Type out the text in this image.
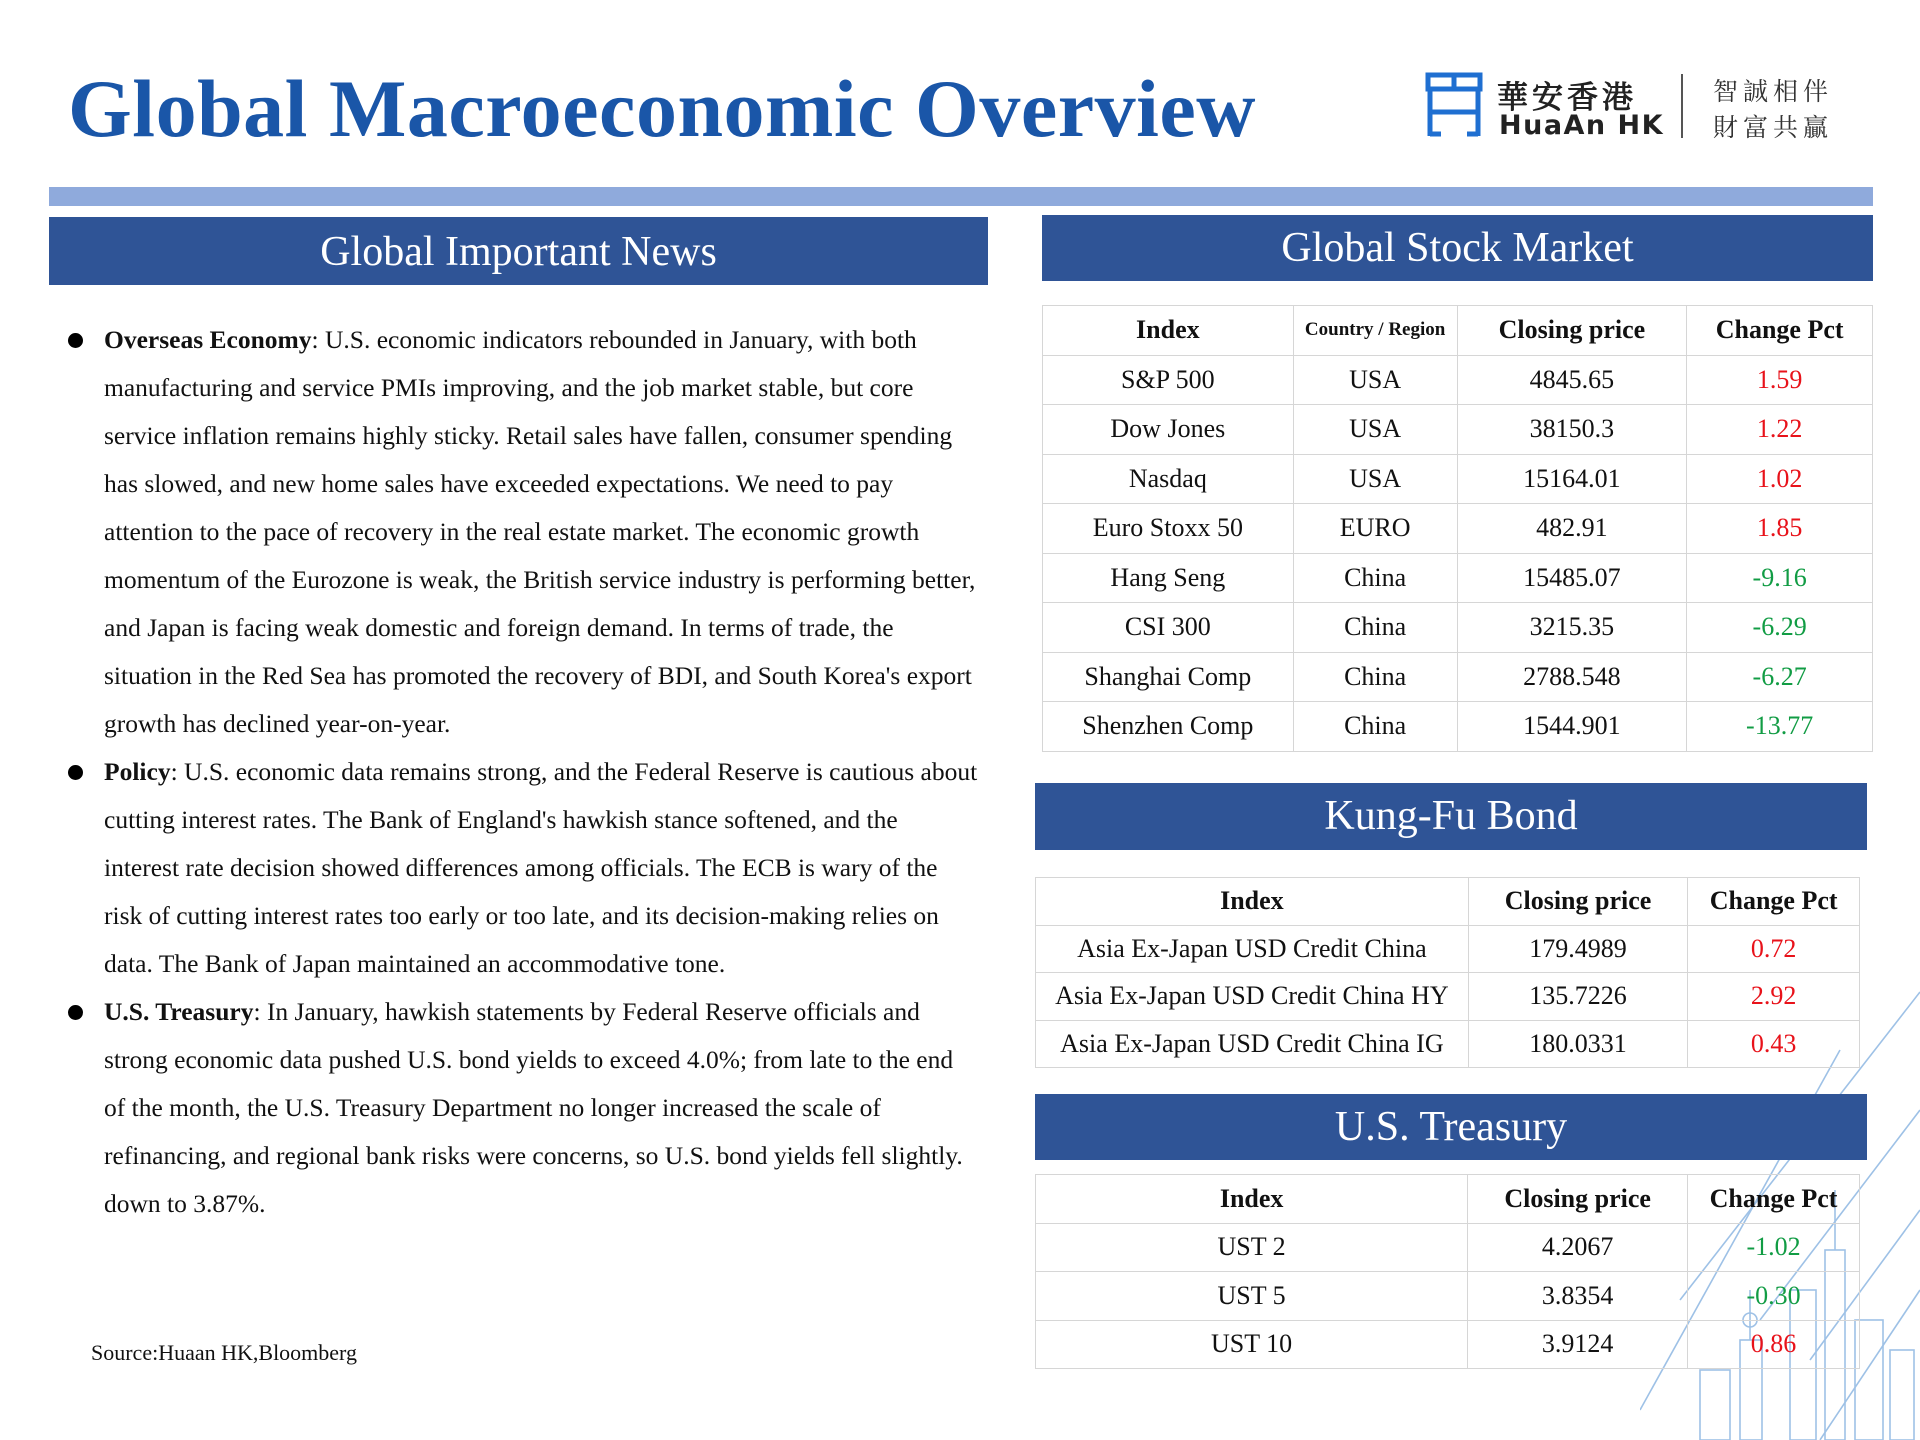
Global Macroeconomic Overview	華安香港
HuaAn HK
智誠相伴
財富共贏
Global Important News
Overseas Economy: U.S. economic indicators rebounded in January, with both manufacturing and service PMIs improving, and the job market stable, but core service inflation remains highly sticky. Retail sales have fallen, consumer spending has slowed, and new home sales have exceeded expectations. We need to pay attention to the pace of recovery in the real estate market. The economic growth momentum of the Eurozone is weak, the British service industry is performing better, and Japan is facing weak domestic and foreign demand. In terms of trade, the situation in the Red Sea has promoted the recovery of BDI, and South Korea's export growth has declined year-on-year.
Policy: U.S. economic data remains strong, and the Federal Reserve is cautious about cutting interest rates. The Bank of England's hawkish stance softened, and the interest rate decision showed differences among officials. The ECB is wary of the risk of cutting interest rates too early or too late, and its decision-making relies on data. The Bank of Japan maintained an accommodative tone.
U.S. Treasury: In January, hawkish statements by Federal Reserve officials and strong economic data pushed U.S. bond yields to exceed 4.0%; from late to the end of the month, the U.S. Treasury Department no longer increased the scale of refinancing, and regional bank risks were concerns, so U.S. bond yields fell slightly. down to 3.87%.
Source:Huaan HK,Bloomberg
Global Stock Market
Index	Country / Region	Closing price	Change Pct
S&P 500	USA	4845.65	1.59
Dow Jones	USA	38150.3	1.22
Nasdaq	USA	15164.01	1.02
Euro Stoxx 50	EURO	482.91	1.85
Hang Seng	China	15485.07	-9.16
CSI 300	China	3215.35	-6.29
Shanghai Comp	China	2788.548	-6.27
Shenzhen Comp	China	1544.901	-13.77
Kung-Fu Bond
Index	Closing price	Change Pct
Asia Ex-Japan USD Credit China	179.4989	0.72
Asia Ex-Japan USD Credit China HY	135.7226	2.92
Asia Ex-Japan USD Credit China IG	180.0331	0.43
U.S. Treasury
Index	Closing price	Change Pct
UST 2	4.2067	-1.02
UST 5	3.8354	-0.30
UST 10	3.9124	0.86
